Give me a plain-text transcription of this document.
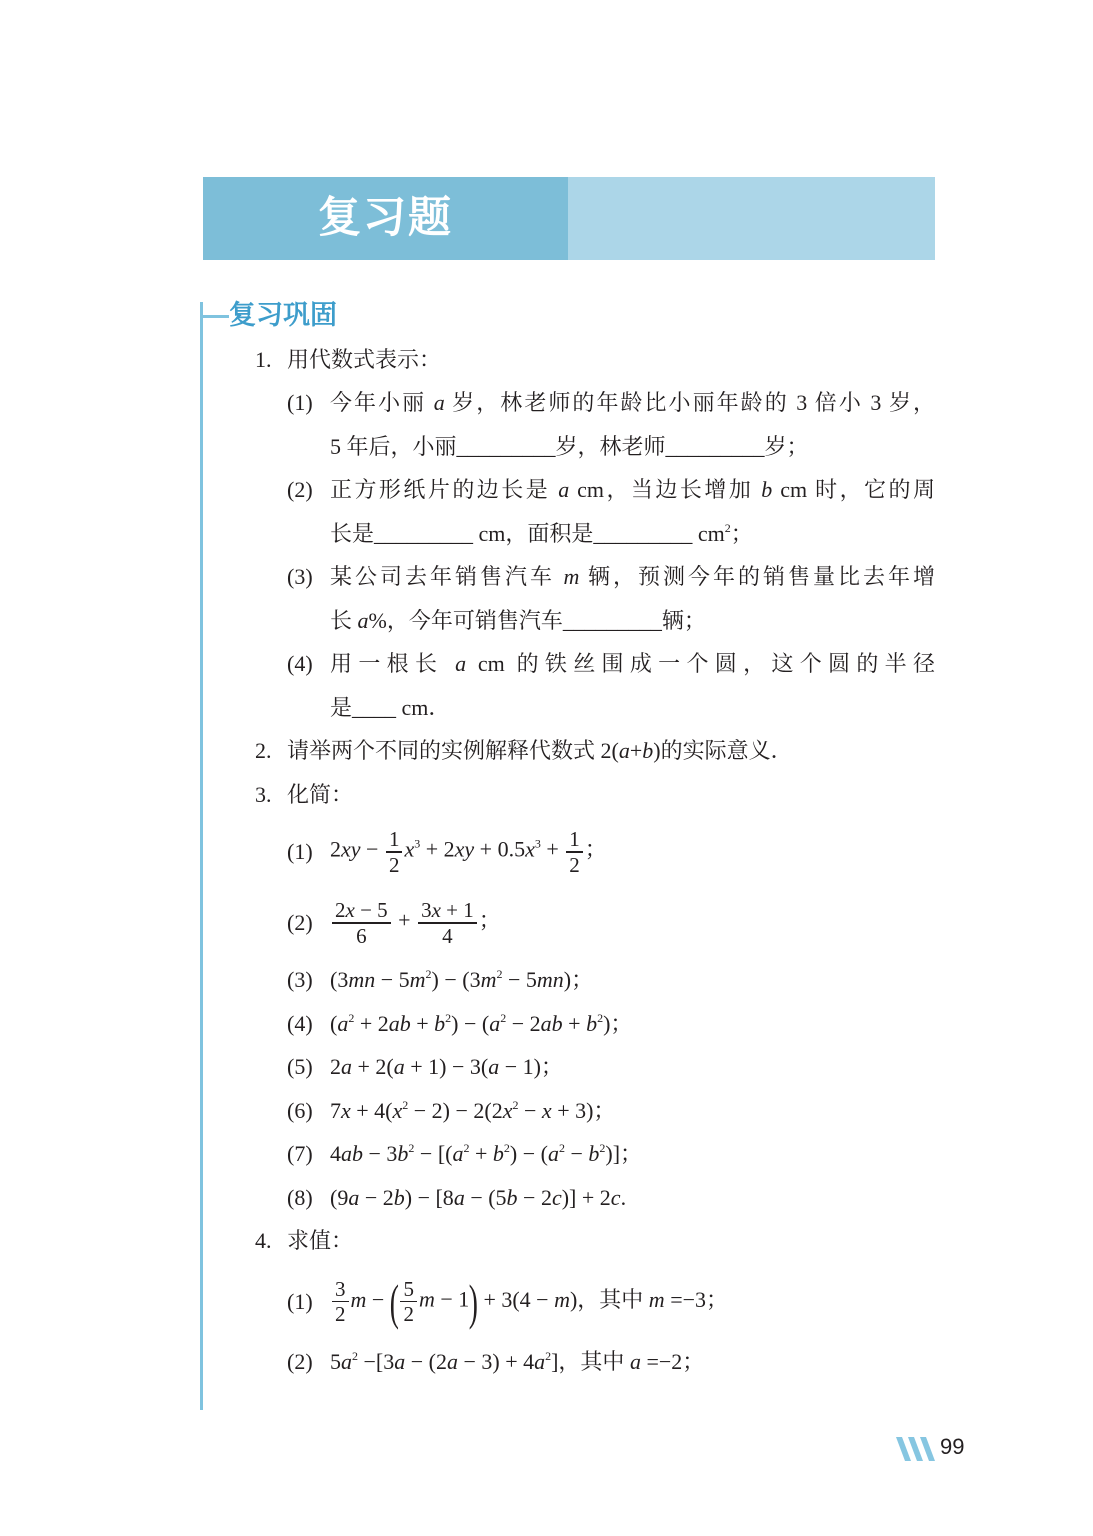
复习题
复习巩固
1. 用代数式表示：
(1) 今年小丽 a 岁，林老师的年龄比小丽年龄的 3 倍小 3 岁，
5 年后，小丽_________岁，林老师_________岁；
(2) 正方形纸片的边长是 a cm，当边长增加 b cm 时，它的周
长是_________ cm，面积是_________ $cm^2$；
(3) 某公司去年销售汽车 m 辆，预测今年的销售量比去年增
长 a%，今年可销售汽车_________辆；
(4) 用一根长 a cm 的铁丝围成一个圆，这个圆的半径
是____ cm．
2. 请举两个不同的实例解释代数式 2(a+b)的实际意义．
3. 化简：
(1) $2xy - \frac{1}{2} x^3 + 2xy + 0.5x^3 + \frac{1}{2}$ ；
$(2) \frac{2x - 5}{6} + \frac{3x + 1}{4}$ ；
(3) $(3mn - 5m^2) - (3m^2 - 5mn)$；
(4) $(a^2 + 2ab + b^2) - (a^2 - 2ab + b^2)$；
(5) 2a + 2(a + 1) − 3(a − 1)；
(6) $7x + 4(x^2 - 2) - 2(2x^2 - x + 3)$；
(7) $4ab - 3b^2 - [(a^2 + b^2) - (a^2 - b^2)]$；
(8) (9a − 2b) − [8a − (5b − 2c)] + 2c.
4. 求值：
$(1) \frac{3}{2}$ m − ( $\frac{5}{2}$ m − 1 ) + 3(4 − m)，其中 m =−3；
(2) $5a^2 -[3a - (2a - 3) + 4a^2]$，其中 a =−2；
99
